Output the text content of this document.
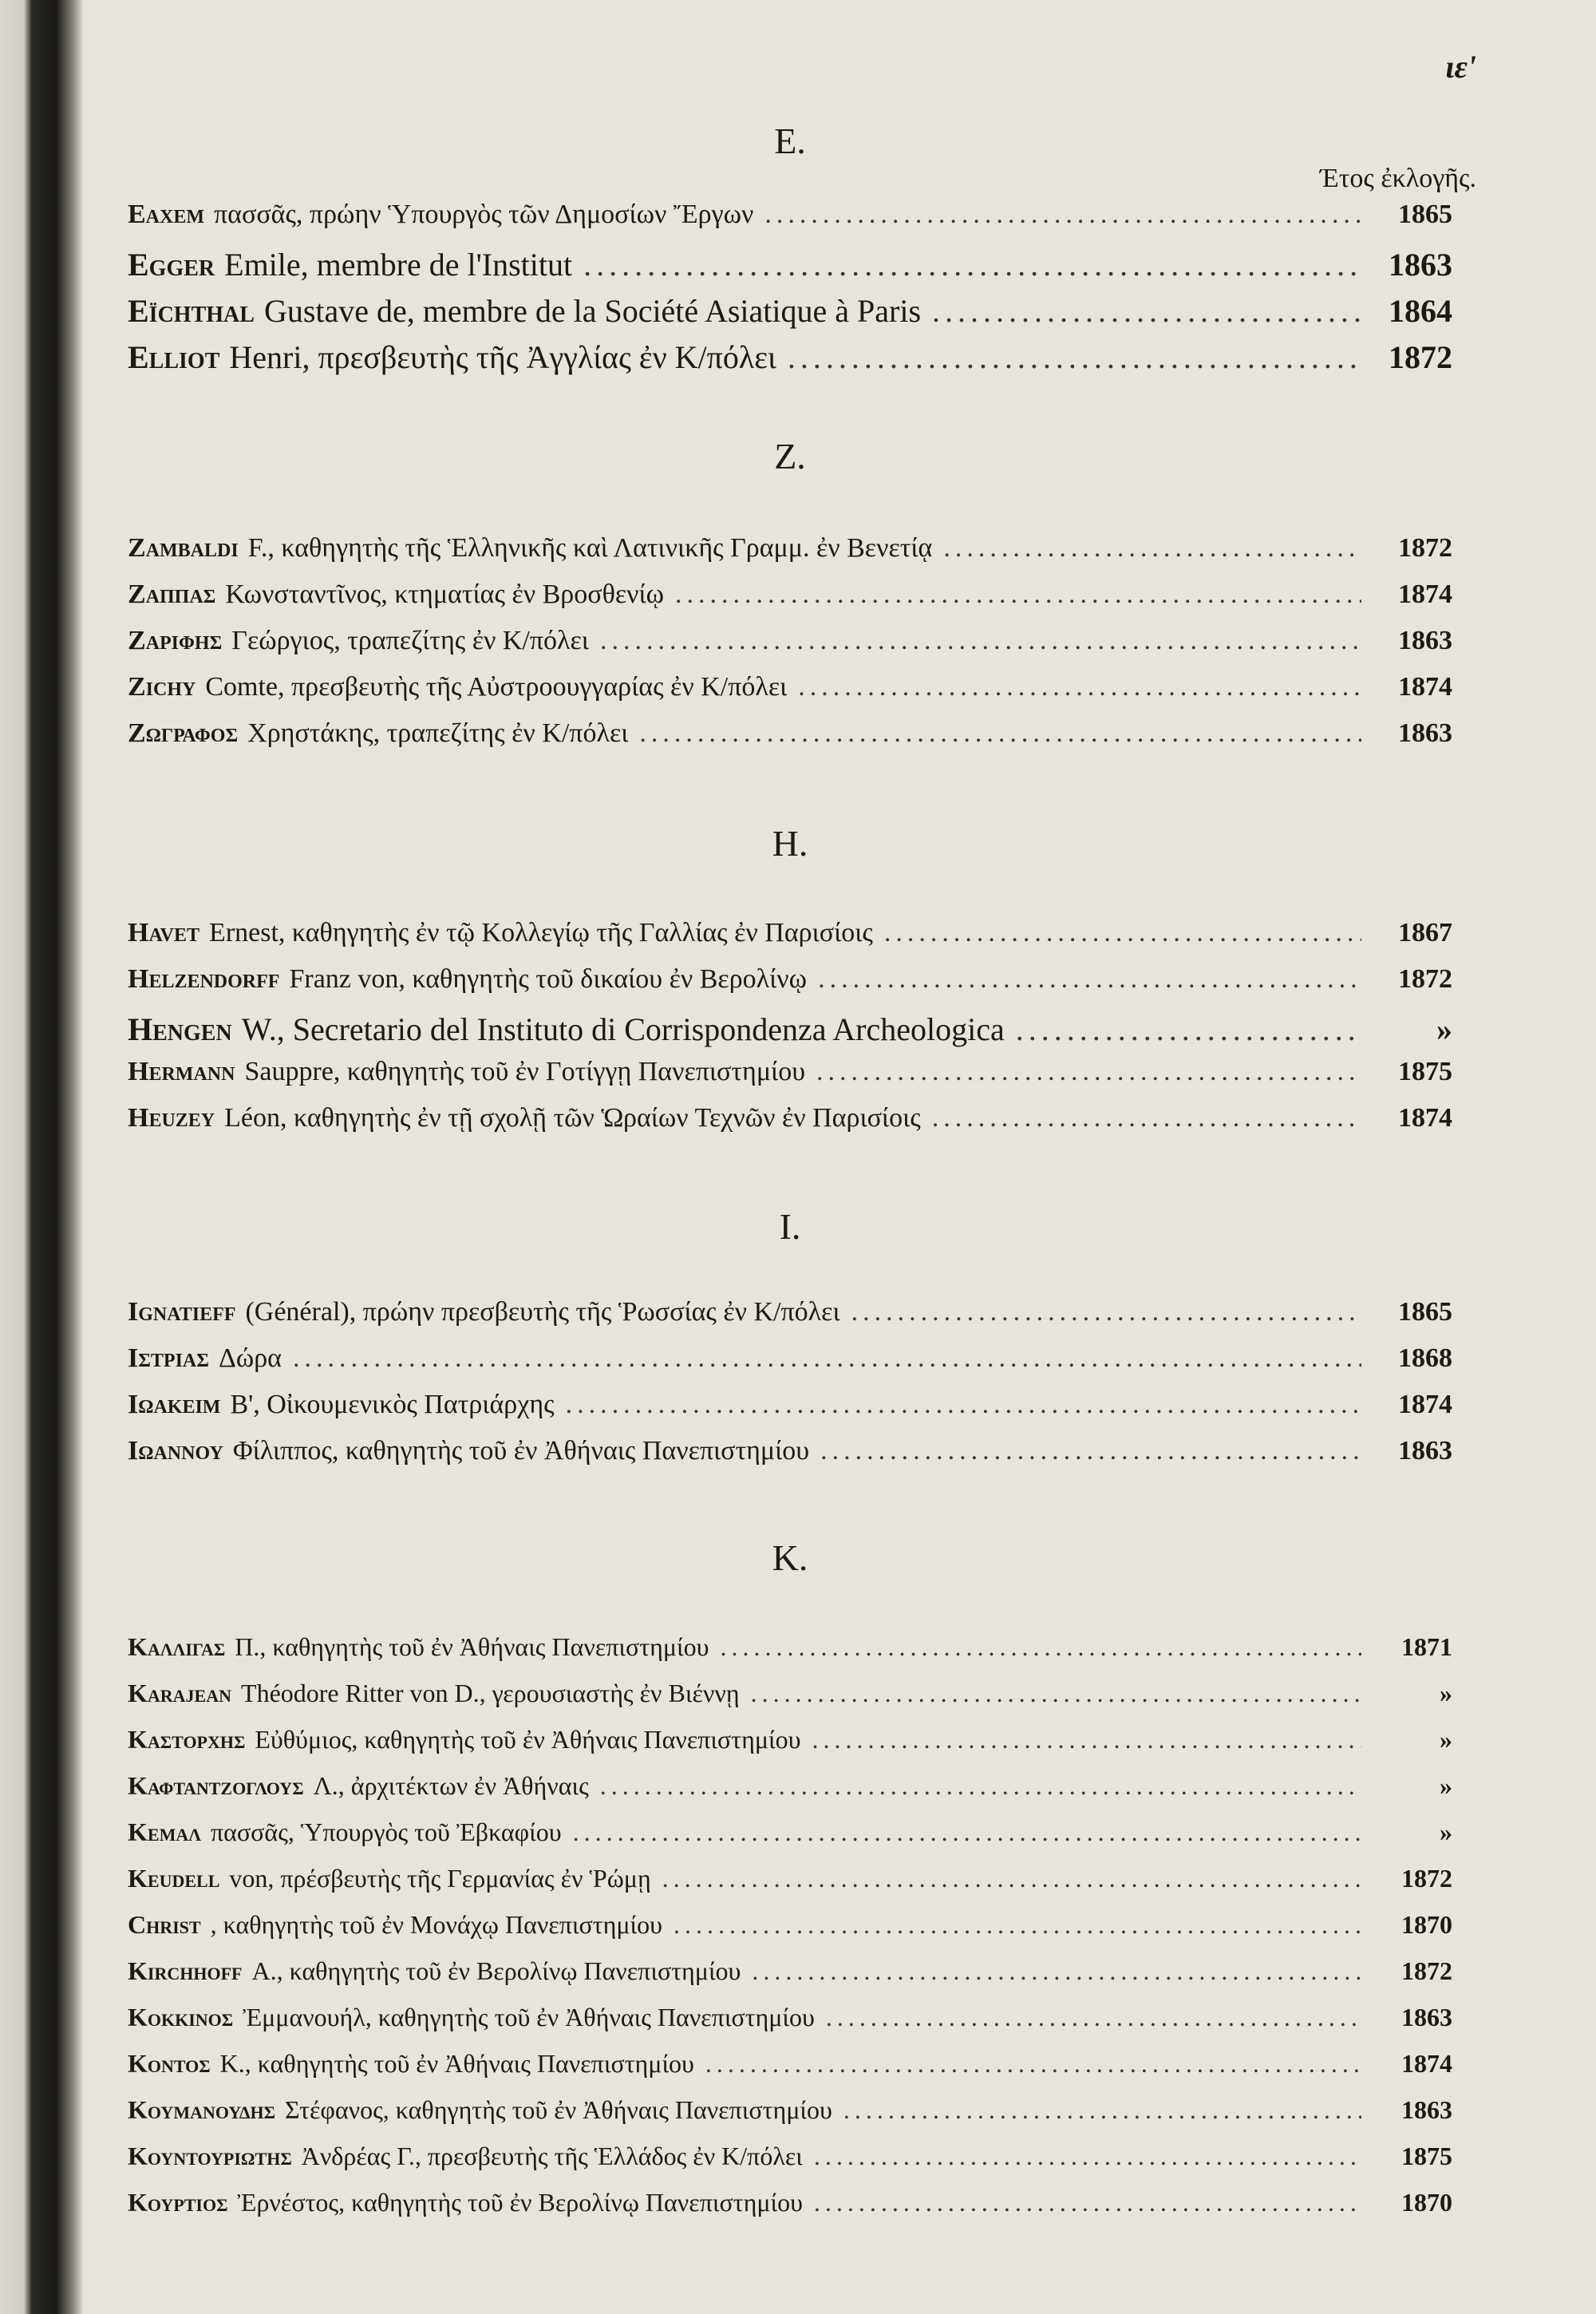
ιε'
Έτος ἐκλογῆς.
E.
Eaxem πασσᾶς, πρώην Ὑπουργὸς τῶν Δημοσίων Ἔργων .....	1865
Egger Emile, membre de l'Institut .....	1863
Eïchthal Gustave de, membre de la Société Asiatique à Paris .....	1864
Elliot Henri, πρεσβευτὴς τῆς Ἀγγλίας ἐν Κ/πόλει .....	1872
Z.
Zambaldi F., καθηγητὴς τῆς Ἑλληνικῆς καὶ Λατινικῆς Γραμμ. ἐν Βενετίᾳ .....	1872
Ζαππας Κωνσταντῖνος, κτηματίας ἐν Βροσθενίῳ .....	1874
Ζαριφης Γεώργιος, τραπεζίτης ἐν Κ/πόλει .....	1863
Zichy Comte, πρεσβευτὴς τῆς Αὐστροουγγαρίας ἐν Κ/πόλει .....	1874
Ζωγραφος Χρηστάκης, τραπεζίτης ἐν Κ/πόλει .....	1863
H.
Havet Ernest, καθηγητὴς ἐν τῷ Κολλεγίῳ τῆς Γαλλίας ἐν Παρισίοις .....	1867
Helzendorff Franz von, καθηγητὴς τοῦ δικαίου ἐν Βερολίνῳ .....	1872
Hengen W., Secretario del Instituto di Corrispondenza Archeologica .....	»
Hermann Sauppre, καθηγητὴς τοῦ ἐν Γοτίγγῃ Πανεπιστημίου .....	1875
Heuzey Léon, καθηγητὴς ἐν τῇ σχολῇ τῶν Ὡραίων Τεχνῶν ἐν Παρισίοις .....	1874
I.
Ignatieff (Général), πρώην πρεσβευτὴς τῆς Ῥωσσίας ἐν Κ/πόλει .....	1865
Ιστριας Δώρα .....	1868
Ιωακειμ Β', Οἰκουμενικὸς Πατριάρχης .....	1874
Ιωαννου Φίλιππος, καθηγητὴς τοῦ ἐν Ἀθήναις Πανεπιστημίου .....	1863
K.
Καλλιγας Π., καθηγητὴς τοῦ ἐν Ἀθήναις Πανεπιστημίου .....	1871
Karajean Théodore Ritter von D., γερουσιαστὴς ἐν Βιέννῃ .....	»
Καστορχης Εὐθύμιος, καθηγητὴς τοῦ ἐν Ἀθήναις Πανεπιστημίου .....	»
Καφταντζογλους Λ., ἀρχιτέκτων ἐν Ἀθήναις .....	»
Κεμαλ πασσᾶς, Ὑπουργὸς τοῦ Ἐβκαφίου .....	»
Keudell von, πρέσβευτὴς τῆς Γερμανίας ἐν Ῥώμῃ .....	1872
Christ , καθηγητὴς τοῦ ἐν Μονάχῳ Πανεπιστημίου .....	1870
Kirchhoff A., καθηγητὴς τοῦ ἐν Βερολίνῳ Πανεπιστημίου .....	1872
Κοκκινος Ἐμμανουήλ, καθηγητὴς τοῦ ἐν Ἀθήναις Πανεπιστημίου .....	1863
Κοντος Κ., καθηγητὴς τοῦ ἐν Ἀθήναις Πανεπιστημίου .....	1874
Κουμανουδης Στέφανος, καθηγητὴς τοῦ ἐν Ἀθήναις Πανεπιστημίου .....	1863
Κουντουριωτης Ἀνδρέας Γ., πρεσβευτὴς τῆς Ἑλλάδος ἐν Κ/πόλει .....	1875
Κουρτιος Ἐρνέστος, καθηγητὴς τοῦ ἐν Βερολίνῳ Πανεπιστημίου .....	1870
